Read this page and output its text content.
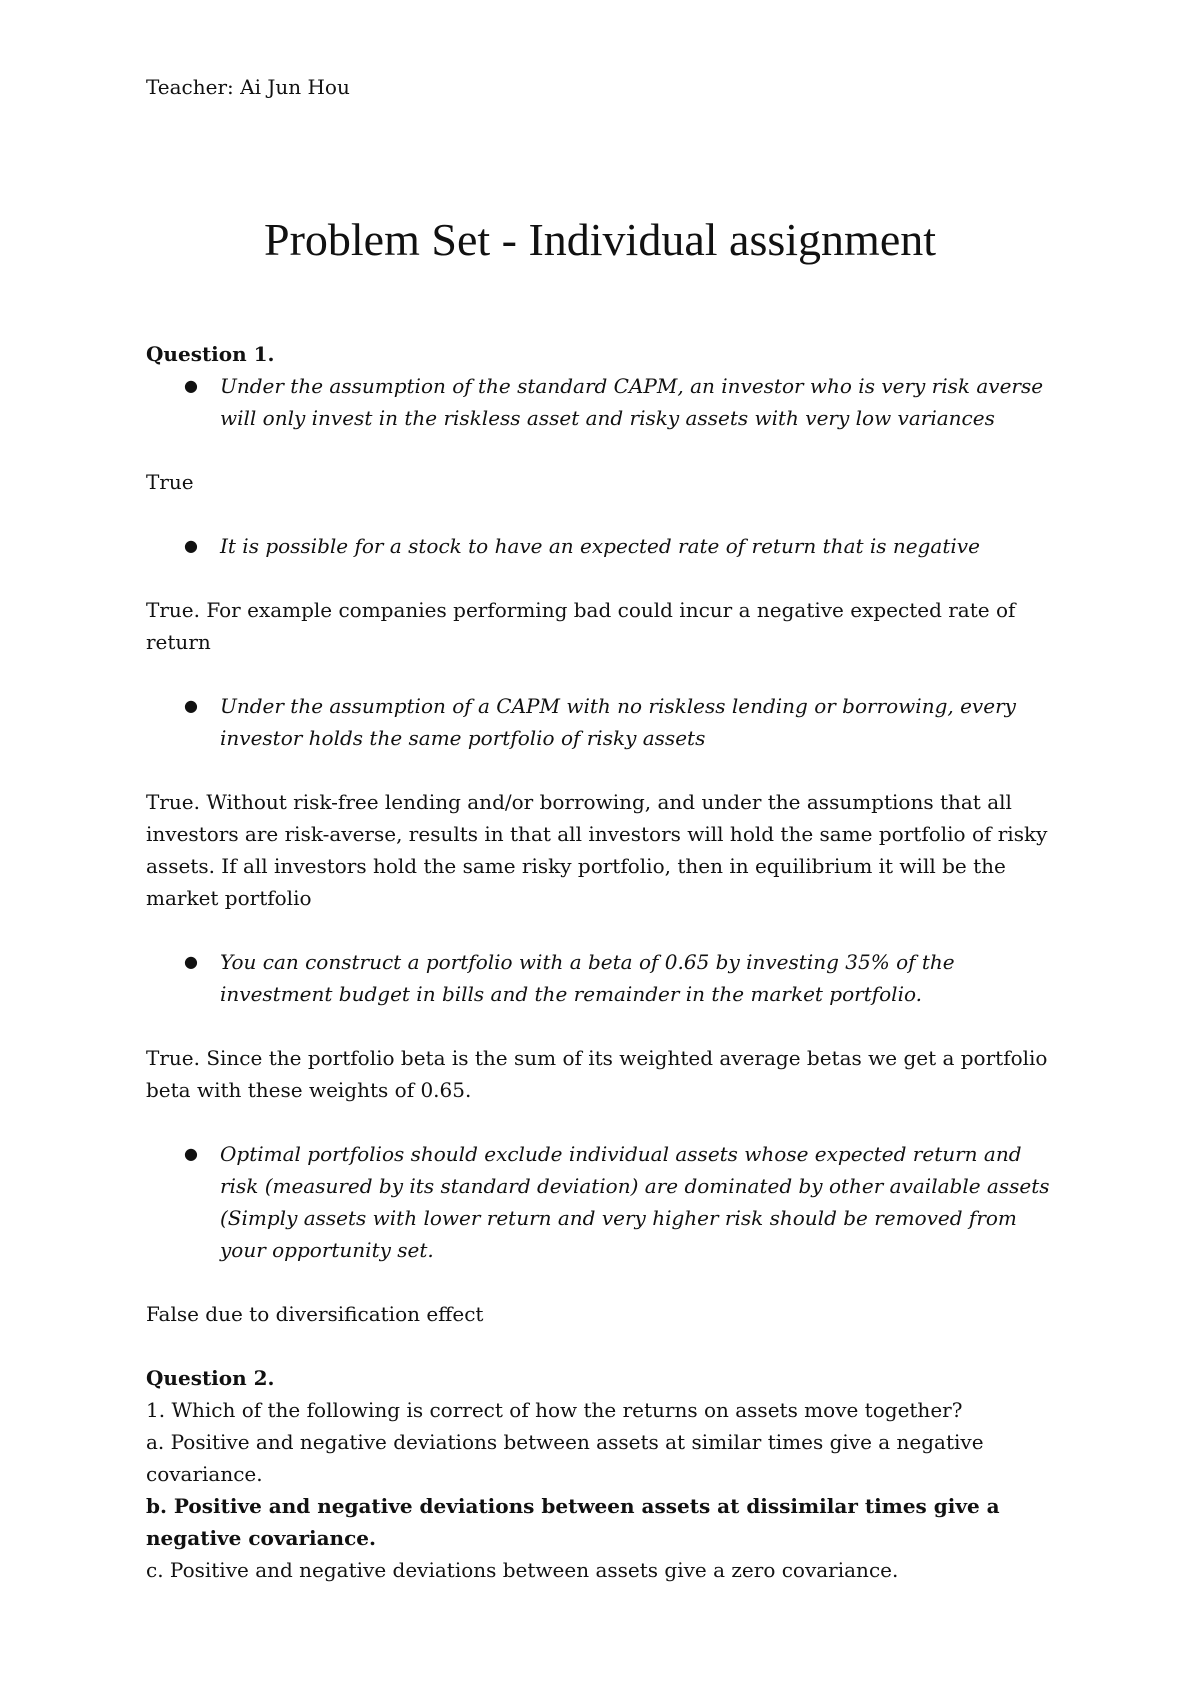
Teacher: Ai Jun Hou
Problem Set - Individual assignment

Question 1.

● Under the assumption of the standard CAPM, an investor who is very risk averse will only invest in the riskless asset and risky assets with very low variances

True

● It is possible for a stock to have an expected rate of return that is negative

True. For example companies performing bad could incur a negative expected rate of return

● Under the assumption of a CAPM with no riskless lending or borrowing, every investor holds the same portfolio of risky assets

True. Without risk-free lending and/or borrowing, and under the assumptions that all investors are risk-averse, results in that all investors will hold the same portfolio of risky assets. If all investors hold the same risky portfolio, then in equilibrium it will be the market portfolio

● You can construct a portfolio with a beta of 0.65 by investing 35% of the investment budget in bills and the remainder in the market portfolio.

True. Since the portfolio beta is the sum of its weighted average betas we get a portfolio beta with these weights of 0.65.

● Optimal portfolios should exclude individual assets whose expected return and risk (measured by its standard deviation) are dominated by other available assets (Simply assets with lower return and very higher risk should be removed from your opportunity set.

False due to diversification effect

Question 2.

1. Which of the following is correct of how the returns on assets move together?

a. Positive and negative deviations between assets at similar times give a negative covariance.

b. Positive and negative deviations between assets at dissimilar times give a negative covariance.

c. Positive and negative deviations between assets give a zero covariance.
